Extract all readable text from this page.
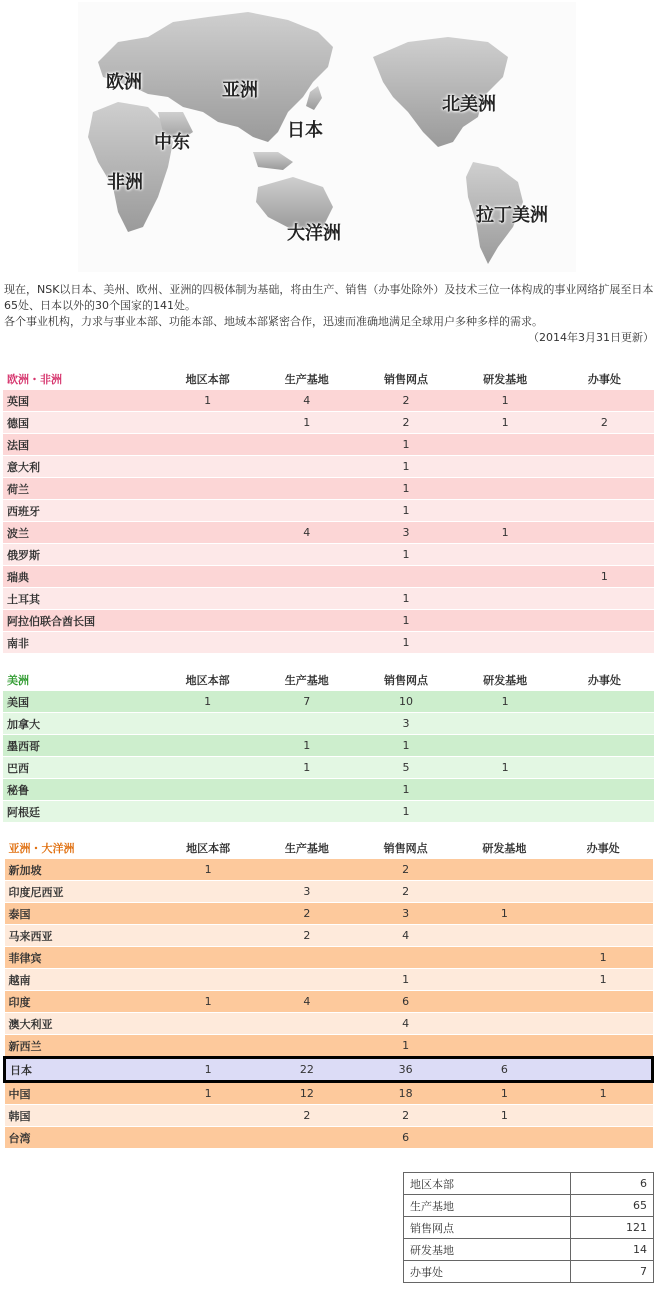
欧洲	亚洲
北美洲
日本
中东
非洲
拉丁美洲
大洋洲

现在，NSK以日本、美州、欧州、亚洲的四极体制为基础，将由生产、销售（办事处除外）及技术三位一体构成的事业网络扩展至日本65处、日本以外的30个国家的141处。

各个事业机构，力求与事业本部、功能本部、地域本部紧密合作，迅速而准确地满足全球用户多种多样的需求。

（2014年3月31日更新）

欧洲・非洲	地区本部	生产基地	销售网点	研发基地	办事处
英国	1	4	2	1	
德国		1	2	1	2
法国			1		
意大利			1		
荷兰			1		
西班牙			1		
波兰		4	3	1	
俄罗斯			1		
瑞典					1
土耳其			1		
阿拉伯联合酋长国			1		
南非			1		
美洲	地区本部	生产基地	销售网点	研发基地	办事处
美国	1	7	10	1	
加拿大			3		
墨西哥		1	1		
巴西		1	5	1	
秘鲁			1		
阿根廷			1		
亚洲・大洋洲	地区本部	生产基地	销售网点	研发基地	办事处
新加坡	1		2		
印度尼西亚		3	2		
泰国		2	3	1	
马来西亚		2	4		
菲律宾					1
越南			1		1
印度	1	4	6		
澳大利亚			4		
新西兰			1		
日本	1	22	36	6	
中国	1	12	18	1	1
韩国		2	2	1	
台湾			6		
地区本部	6
生产基地	65
销售网点	121
研发基地	14
办事处	7
